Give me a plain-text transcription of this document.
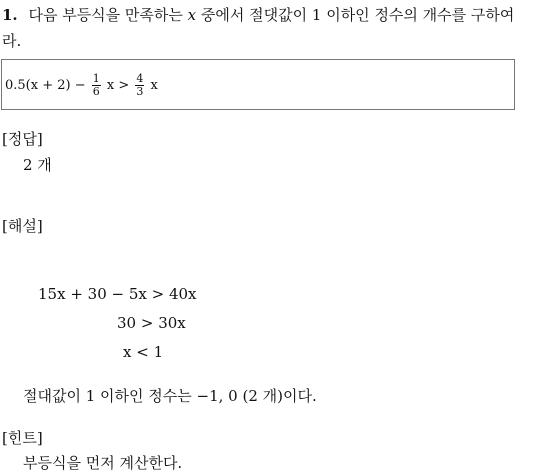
1. 다음 부등식을 만족하는 x 중에서 절댓값이 1 이하인 정수의 개수를 구하여라.
$0.5(x + 2) - \frac{1}{6}$ $x > \frac{4}{3}$ x
[정답]
2 개
[해설]
15x + 30 − 5x > 40x
30 > 30x
x < 1
절대값이 1 이하인 정수는 −1, 0 (2 개)이다.
[힌트]
부등식을 먼저 계산한다.
